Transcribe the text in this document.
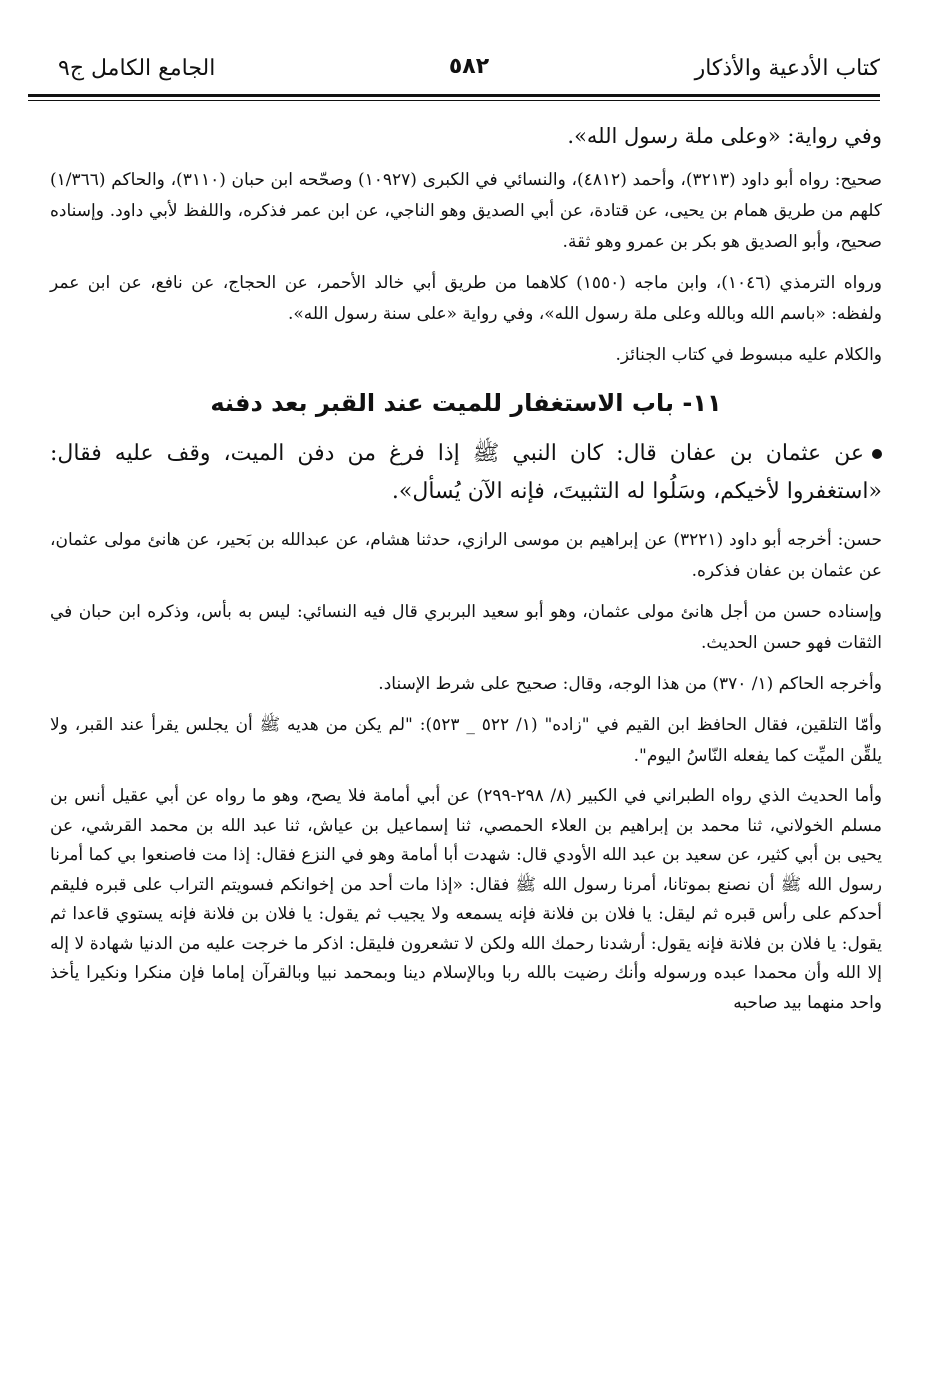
كتاب الأدعية والأذكار
٥٨٢
الجامع الكامل ج٩

وفي رواية: «وعلى ملة رسول الله».

صحيح: رواه أبو داود (٣٢١٣)، وأحمد (٤٨١٢)، والنسائي في الكبرى (١٠٩٢٧) وصحّحه ابن حبان (٣١١٠)، والحاكم (١/٣٦٦) كلهم من طريق همام بن يحيى، عن قتادة، عن أبي الصديق وهو الناجي، عن ابن عمر فذكره، واللفظ لأبي داود. وإسناده صحيح، وأبو الصديق هو بكر بن عمرو وهو ثقة.

ورواه الترمذي (١٠٤٦)، وابن ماجه (١٥٥٠) كلاهما من طريق أبي خالد الأحمر، عن الحجاج، عن نافع، عن ابن عمر ولفظه: «باسم الله وبالله وعلى ملة رسول الله»، وفي رواية «على سنة رسول الله».

والكلام عليه مبسوط في كتاب الجنائز.

١١- باب الاستغفار للميت عند القبر بعد دفنه

عن عثمان بن عفان قال: كان النبي ﷺ إذا فرغ من دفن الميت، وقف عليه فقال: «استغفروا لأخيكم، وسَلُوا له التثبيتَ، فإنه الآن يُسأل».

حسن: أخرجه أبو داود (٣٢٢١) عن إبراهيم بن موسى الرازي، حدثنا هشام، عن عبدالله بن بَحير، عن هانئ مولى عثمان، عن عثمان بن عفان فذكره.

وإسناده حسن من أجل هانئ مولى عثمان، وهو أبو سعيد البربري قال فيه النسائي: ليس به بأس، وذكره ابن حبان في الثقات فهو حسن الحديث.

وأخرجه الحاكم (١/ ٣٧٠) من هذا الوجه، وقال: صحيح على شرط الإسناد.

وأمّا التلقين، فقال الحافظ ابن القيم في "زاده" (١/ ٥٢٢ _ ٥٢٣): "لم يكن من هديه ﷺ أن يجلس يقرأ عند القبر، ولا يلقِّن الميِّت كما يفعله النّاسُ اليوم".

وأما الحديث الذي رواه الطبراني في الكبير (٨/ ٢٩٨-٢٩٩) عن أبي أمامة فلا يصح، وهو ما رواه عن أبي عقيل أنس بن مسلم الخولاني، ثنا محمد بن إبراهيم بن العلاء الحمصي، ثنا إسماعيل بن عياش، ثنا عبد الله بن محمد القرشي، عن يحيى بن أبي كثير، عن سعيد بن عبد الله الأودي قال: شهدت أبا أمامة وهو في النزع فقال: إذا مت فاصنعوا بي كما أمرنا رسول الله ﷺ أن نصنع بموتانا، أمرنا رسول الله ﷺ فقال: «إذا مات أحد من إخوانكم فسويتم التراب على قبره فليقم أحدكم على رأس قبره ثم ليقل: يا فلان بن فلانة فإنه يسمعه ولا يجيب ثم يقول: يا فلان بن فلانة فإنه يستوي قاعدا ثم يقول: يا فلان بن فلانة فإنه يقول: أرشدنا رحمك الله ولكن لا تشعرون فليقل: اذكر ما خرجت عليه من الدنيا شهادة لا إله إلا الله وأن محمدا عبده ورسوله وأنك رضيت بالله ربا وبالإسلام دينا وبمحمد نبيا وبالقرآن إماما فإن منكرا ونكيرا يأخذ واحد منهما بيد صاحبه
